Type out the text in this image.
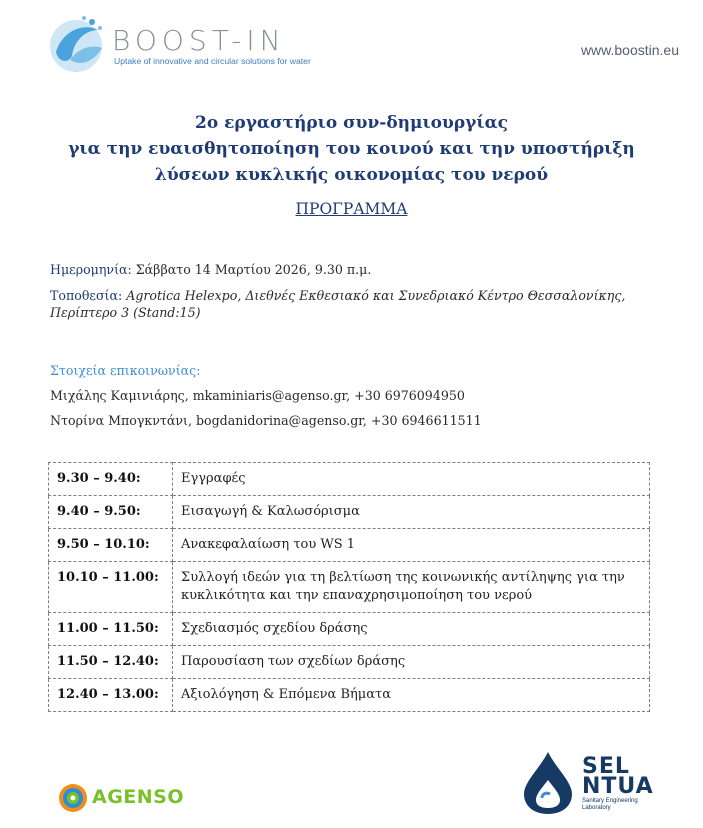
BOOST-IN
Uptake of innovative and circular solutions for water
www.boostin.eu
2ο εργαστήριο συν-δημιουργίας
για την ευαισθητοποίηση του κοινού και την υποστήριξη
λύσεων κυκλικής οικονομίας του νερού
ΠΡΟΓΡΑΜΜΑ
Ημερομηνία: Σάββατο 14 Μαρτίου 2026, 9.30 π.μ.
Τοποθεσία: Agrotica Helexpo, Διεθνές Εκθεσιακό και Συνεδριακό Κέντρο Θεσσαλονίκης,
Περίπτερο 3 (Stand:15)
Στοιχεία επικοινωνίας:
Μιχάλης Καμινιάρης, mkaminiaris@agenso.gr, +30 6976094950
Ντορίνα Μπογκντάνι, bogdanidorina@agenso.gr, +30 6946611511
9.30 – 9.40:	Εγγραφές
9.40 – 9.50:	Εισαγωγή & Καλωσόρισμα
9.50 – 10.10:	Ανακεφαλαίωση του WS 1
10.10 – 11.00:	Συλλογή ιδεών για τη βελτίωση της κοινωνικής αντίληψης για την κυκλικότητα και την επαναχρησιμοποίηση του νερού
11.00 – 11.50:	Σχεδιασμός σχεδίου δράσης
11.50 – 12.40:	Παρουσίαση των σχεδίων δράσης
12.40 – 13.00:	Αξιολόγηση & Επόμενα Βήματα
AGENSO
SEL
NTUA
Sanitary Engineering Laboratory
